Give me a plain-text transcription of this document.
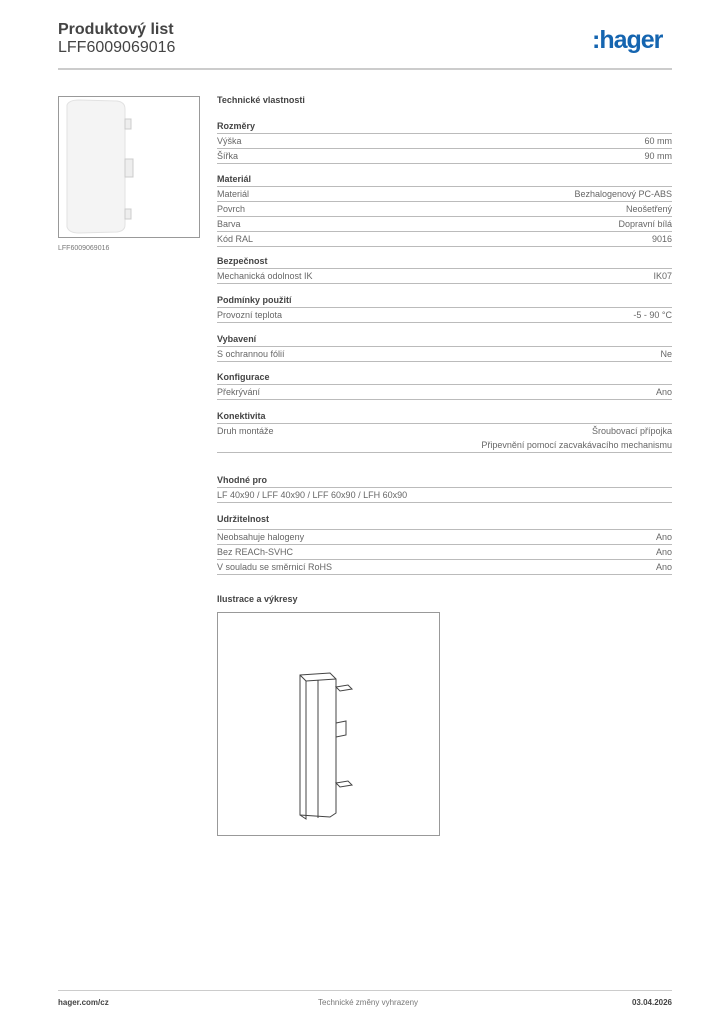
Produktový list
LFF6009069016	:hager
LFF6009069016
Technické vlastnosti
Rozměry
Výška	60 mm
Šířka	90 mm
Materiál
Materiál	Bezhalogenový PC-ABS
Povrch	Neošetřený
Barva	Dopravní bílá
Kód RAL	9016
Bezpečnost
Mechanická odolnost IK	IK07
Podmínky použití
Provozní teplota	-5 - 90 °C
Vybavení
S ochrannou fólií	Ne
Konfigurace
Překrývání	Ano
Konektivita
Druh montáže	Šroubovací přípojka
Připevnění pomocí zacvakávacího mechanismu
Vhodné pro
LF 40x90 / LFF 40x90 / LFF 60x90 / LFH 60x90
Udržitelnost
Neobsahuje halogeny	Ano
Bez REACh-SVHC	Ano
V souladu se směrnicí RoHS	Ano
Ilustrace a výkresy
hager.com/cz	Technické změny vyhrazeny	03.04.2026
